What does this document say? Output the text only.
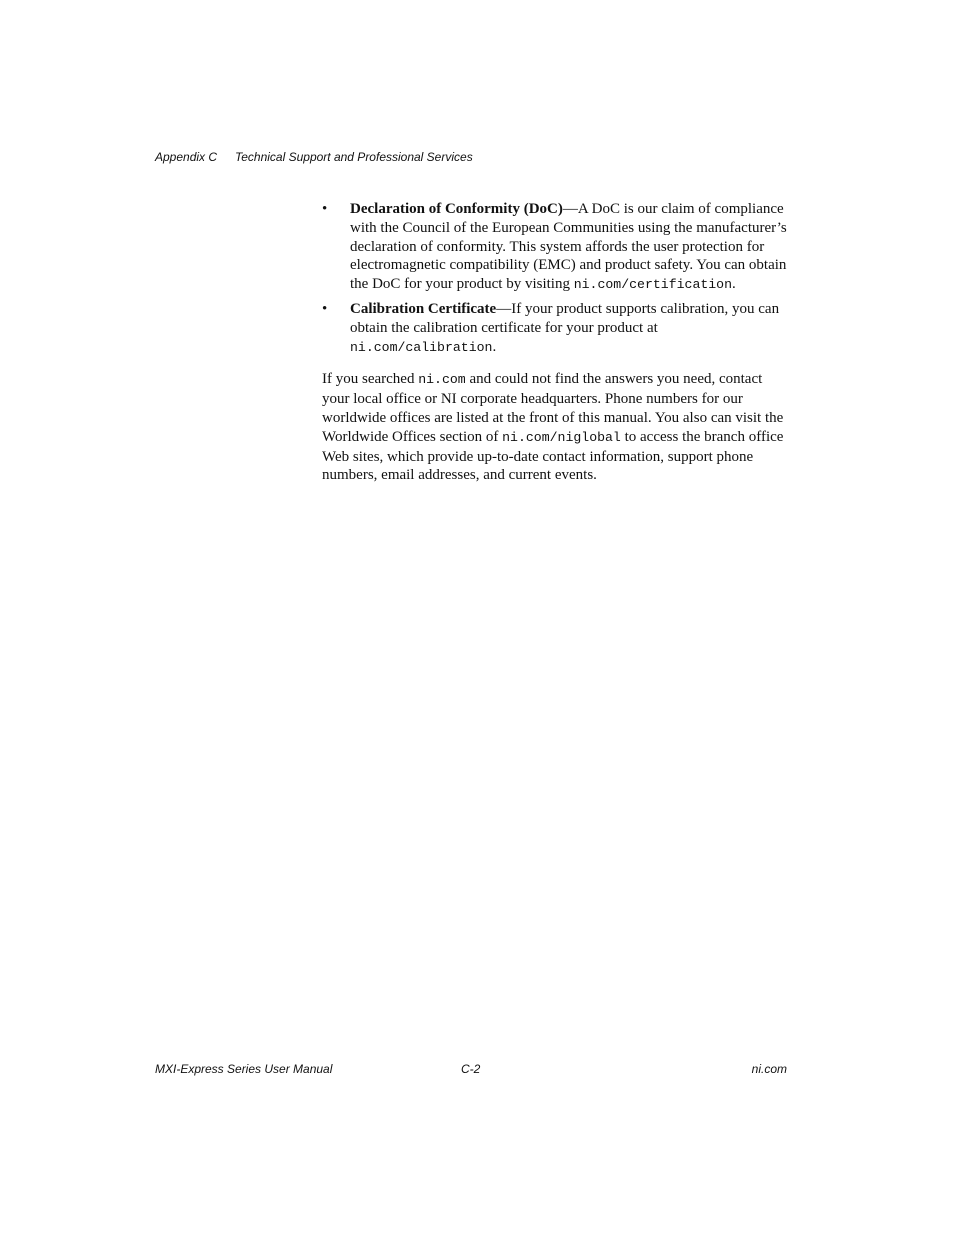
Appendix C Technical Support and Professional Services
•	Declaration of Conformity (DoC)—A DoC is our claim of compliance with the Council of the European Communities using the manufacturer’s declaration of conformity. This system affords the user protection for electromagnetic compatibility (EMC) and product safety. You can obtain the DoC for your product by visiting ni.com/certification.
•	Calibration Certificate—If your product supports calibration, you can obtain the calibration certificate for your product at
ni.com/calibration.

If you searched ni.com and could not find the answers you need, contact your local office or NI corporate headquarters. Phone numbers for our worldwide offices are listed at the front of this manual. You also can visit the Worldwide Offices section of ni.com/niglobal to access the branch office Web sites, which provide up-to-date contact information, support phone numbers, email addresses, and current events.

MXI-Express Series User Manual	C-2	ni.com
